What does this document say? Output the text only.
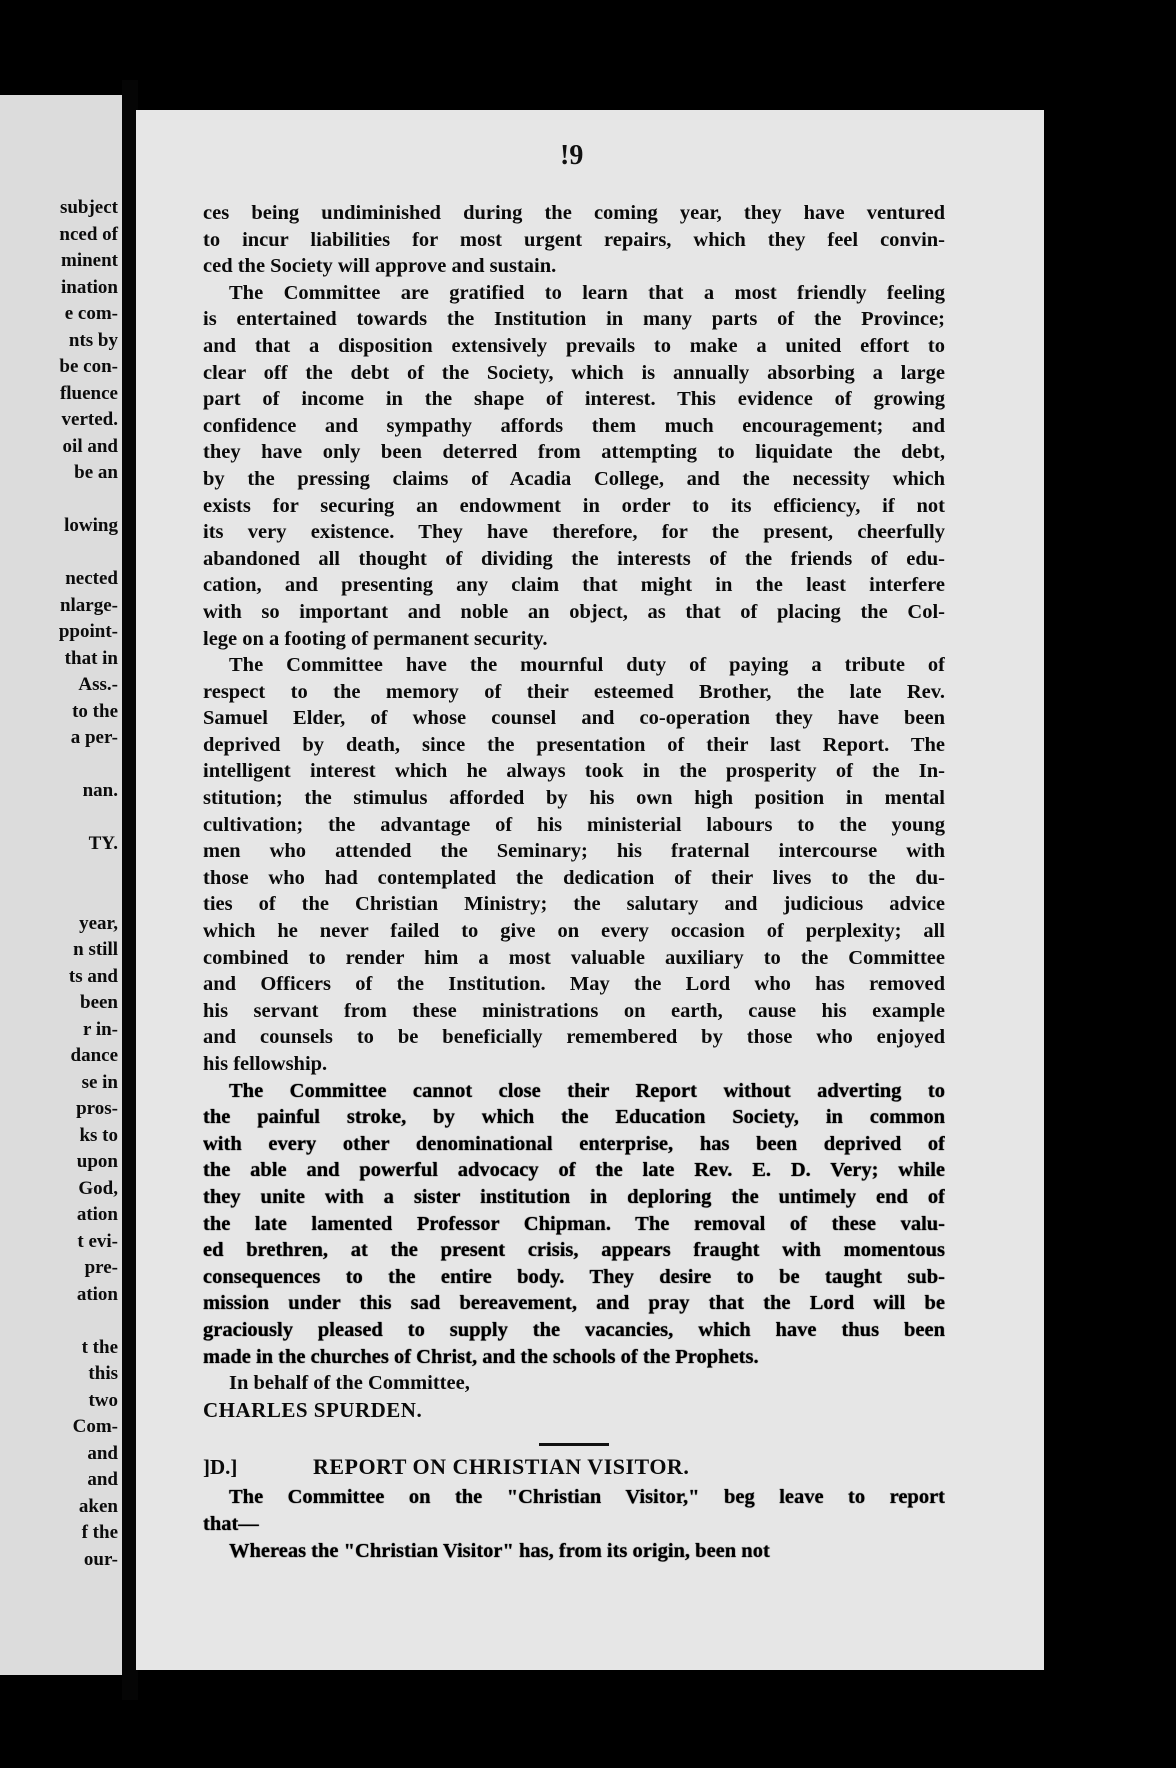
subject
nced of
minent
ination
e com-
nts by
be con-
fluence
verted.
oil and
be an
lowing
nected
nlarge-
ppoint-
that in
Ass.-
to the
a per-
nan.
TY.
year,
n still
ts and
been
r in-
dance
se in
pros-
ks to
upon
God,
ation
t evi-
pre-
ation
t the
this
two
Com-
and
and
aken
f the
our-
!9
ces being undiminished during the coming year, they have ventured
to incur liabilities for most urgent repairs, which they feel convin-
ced the Society will approve and sustain.
The Committee are gratified to learn that a most friendly feeling
is entertained towards the Institution in many parts of the Province;
and that a disposition extensively prevails to make a united effort to
clear off the debt of the Society, which is annually absorbing a large
part of income in the shape of interest. This evidence of growing
confidence and sympathy affords them much encouragement; and
they have only been deterred from attempting to liquidate the debt,
by the pressing claims of Acadia College, and the necessity which
exists for securing an endowment in order to its efficiency, if not
its very existence. They have therefore, for the present, cheerfully
abandoned all thought of dividing the interests of the friends of edu-
cation, and presenting any claim that might in the least interfere
with so important and noble an object, as that of placing the Col-
lege on a footing of permanent security.
The Committee have the mournful duty of paying a tribute of
respect to the memory of their esteemed Brother, the late Rev.
Samuel Elder, of whose counsel and co-operation they have been
deprived by death, since the presentation of their last Report. The
intelligent interest which he always took in the prosperity of the In-
stitution; the stimulus afforded by his own high position in mental
cultivation; the advantage of his ministerial labours to the young
men who attended the Seminary; his fraternal intercourse with
those who had contemplated the dedication of their lives to the du-
ties of the Christian Ministry; the salutary and judicious advice
which he never failed to give on every occasion of perplexity; all
combined to render him a most valuable auxiliary to the Committee
and Officers of the Institution. May the Lord who has removed
his servant from these ministrations on earth, cause his example
and counsels to be beneficially remembered by those who enjoyed
his fellowship.
The Committee cannot close their Report without adverting to
the painful stroke, by which the Education Society, in common
with every other denominational enterprise, has been deprived of
the able and powerful advocacy of the late Rev. E. D. Very; while
they unite with a sister institution in deploring the untimely end of
the late lamented Professor Chipman. The removal of these valu-
ed brethren, at the present crisis, appears fraught with momentous
consequences to the entire body. They desire to be taught sub-
mission under this sad bereavement, and pray that the Lord will be
graciously pleased to supply the vacancies, which have thus been
made in the churches of Christ, and the schools of the Prophets.
In behalf of the Committee,
CHARLES SPURDEN.
]D.]	REPORT ON CHRISTIAN VISITOR.
The Committee on the "Christian Visitor," beg leave to report
that—
Whereas the "Christian Visitor" has, from its origin, been not
